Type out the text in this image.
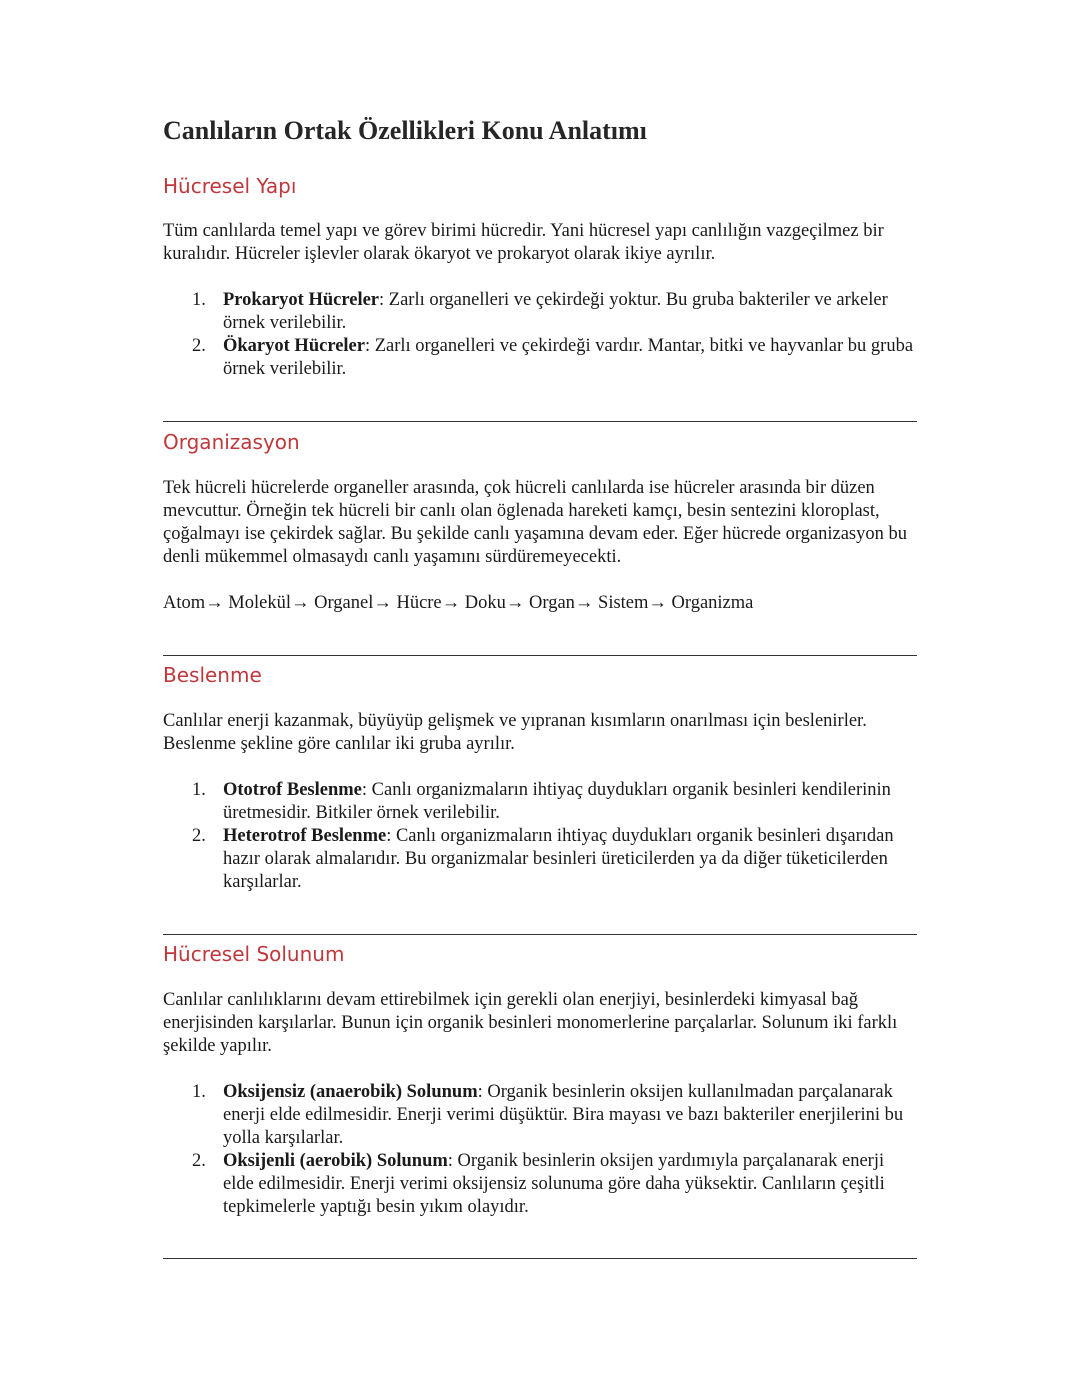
Canlıların Ortak Özellikleri Konu Anlatımı
Hücresel Yapı

Tüm canlılarda temel yapı ve görev birimi hücredir. Yani hücresel yapı canlılığın vazgeçilmez bir kuralıdır. Hücreler işlevler olarak ökaryot ve prokaryot olarak ikiye ayrılır.

1. Prokaryot Hücreler: Zarlı organelleri ve çekirdeği yoktur. Bu gruba bakteriler ve arkeler örnek verilebilir.
2. Ökaryot Hücreler: Zarlı organelleri ve çekirdeği vardır. Mantar, bitki ve hayvanlar bu gruba örnek verilebilir.
Organizasyon

Tek hücreli hücrelerde organeller arasında, çok hücreli canlılarda ise hücreler arasında bir düzen mevcuttur. Örneğin tek hücreli bir canlı olan öglenada hareketi kamçı, besin sentezini kloroplast, çoğalmayı ise çekirdek sağlar. Bu şekilde canlı yaşamına devam eder. Eğer hücrede organizasyon bu denli mükemmel olmasaydı canlı yaşamını sürdüremeyecekti.

Atom→ Molekül→ Organel→ Hücre→ Doku→ Organ→ Sistem→ Organizma

Beslenme

Canlılar enerji kazanmak, büyüyüp gelişmek ve yıpranan kısımların onarılması için beslenirler. Beslenme şekline göre canlılar iki gruba ayrılır.

1. Ototrof Beslenme: Canlı organizmaların ihtiyaç duydukları organik besinleri kendilerinin üretmesidir. Bitkiler örnek verilebilir.
2. Heterotrof Beslenme: Canlı organizmaların ihtiyaç duydukları organik besinleri dışarıdan hazır olarak almalarıdır. Bu organizmalar besinleri üreticilerden ya da diğer tüketicilerden karşılarlar.
Hücresel Solunum

Canlılar canlılıklarını devam ettirebilmek için gerekli olan enerjiyi, besinlerdeki kimyasal bağ enerjisinden karşılarlar. Bunun için organik besinleri monomerlerine parçalarlar. Solunum iki farklı şekilde yapılır.

1. Oksijensiz (anaerobik) Solunum: Organik besinlerin oksijen kullanılmadan parçalanarak enerji elde edilmesidir. Enerji verimi düşüktür. Bira mayası ve bazı bakteriler enerjilerini bu yolla karşılarlar.
2. Oksijenli (aerobik) Solunum: Organik besinlerin oksijen yardımıyla parçalanarak enerji elde edilmesidir. Enerji verimi oksijensiz solunuma göre daha yüksektir. Canlıların çeşitli tepkimelerle yaptığı besin yıkım olayıdır.
